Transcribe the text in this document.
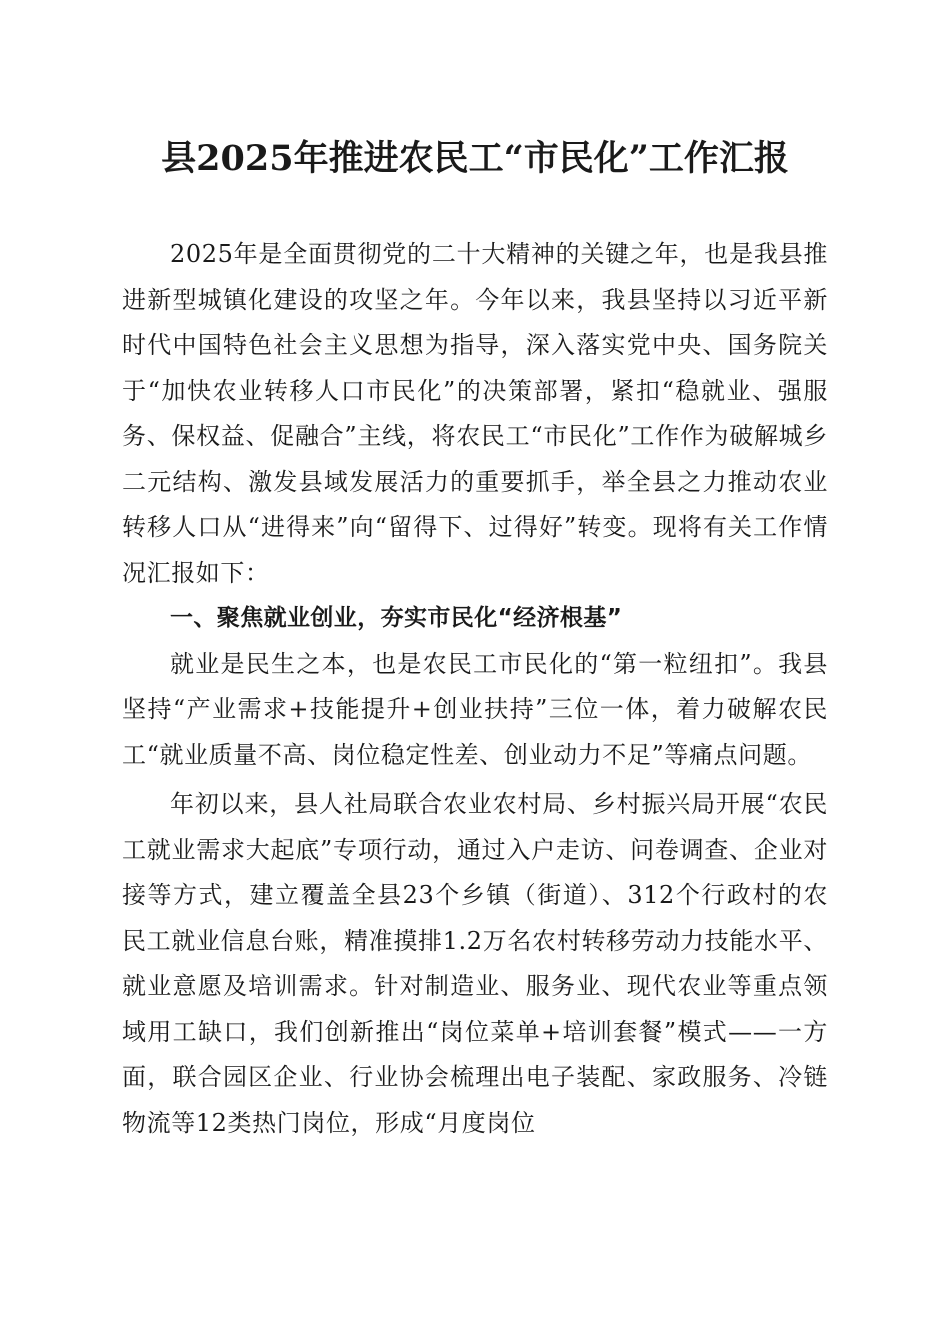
县2025年推进农民工“市民化”工作汇报

2025年是全面贯彻党的二十大精神的关键之年，也是我县推进新型城镇化建设的攻坚之年。今年以来，我县坚持以习近平新时代中国特色社会主义思想为指导，深入落实党中央、国务院关于“加快农业转移人口市民化”的决策部署，紧扣“稳就业、强服务、保权益、促融合”主线，将农民工“市民化”工作作为破解城乡二元结构、激发县域发展活力的重要抓手，举全县之力推动农业转移人口从“进得来”向“留得下、过得好”转变。现将有关工作情况汇报如下：

一、聚焦就业创业，夯实市民化“经济根基”

就业是民生之本，也是农民工市民化的“第一粒纽扣”。我县坚持“产业需求+技能提升+创业扶持”三位一体，着力破解农民工“就业质量不高、岗位稳定性差、创业动力不足”等痛点问题。

年初以来，县人社局联合农业农村局、乡村振兴局开展“农民工就业需求大起底”专项行动，通过入户走访、问卷调查、企业对接等方式，建立覆盖全县23个乡镇（街道）、312个行政村的农民工就业信息台账，精准摸排1.2万名农村转移劳动力技能水平、就业意愿及培训需求。针对制造业、服务业、现代农业等重点领域用工缺口，我们创新推出“岗位菜单+培训套餐”模式——一方面，联合园区企业、行业协会梳理出电子装配、家政服务、冷链物流等12类热门岗位，形成“月度岗位
